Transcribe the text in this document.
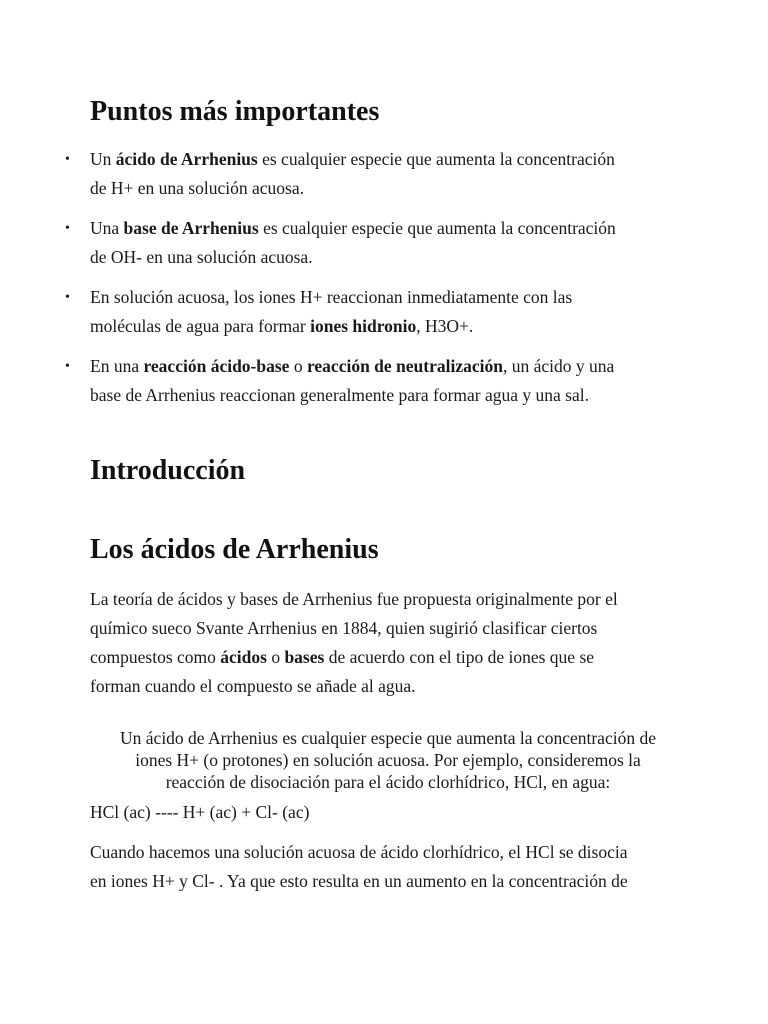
Puntos más importantes
• Un ácido de Arrhenius es cualquier especie que aumenta la concentración
de H+ en una solución acuosa.
• Una base de Arrhenius es cualquier especie que aumenta la concentración
de OH- en una solución acuosa.
• En solución acuosa, los iones H+ reaccionan inmediatamente con las
moléculas de agua para formar iones hidronio, H3O+.
• En una reacción ácido-base o reacción de neutralización, un ácido y una
base de Arrhenius reaccionan generalmente para formar agua y una sal.
Introducción
Los ácidos de Arrhenius

La teoría de ácidos y bases de Arrhenius fue propuesta originalmente por el
químico sueco Svante Arrhenius en 1884, quien sugirió clasificar ciertos
compuestos como ácidos o bases de acuerdo con el tipo de iones que se
forman cuando el compuesto se añade al agua.

Un ácido de Arrhenius es cualquier especie que aumenta la concentración de
iones H+ (o protones) en solución acuosa. Por ejemplo, consideremos la
reacción de disociación para el ácido clorhídrico, HCl, en agua:

HCl (ac) ---- H+ (ac) + Cl- (ac)

Cuando hacemos una solución acuosa de ácido clorhídrico, el HCl se disocia
en iones H+ y Cl- . Ya que esto resulta en un aumento en la concentración de
